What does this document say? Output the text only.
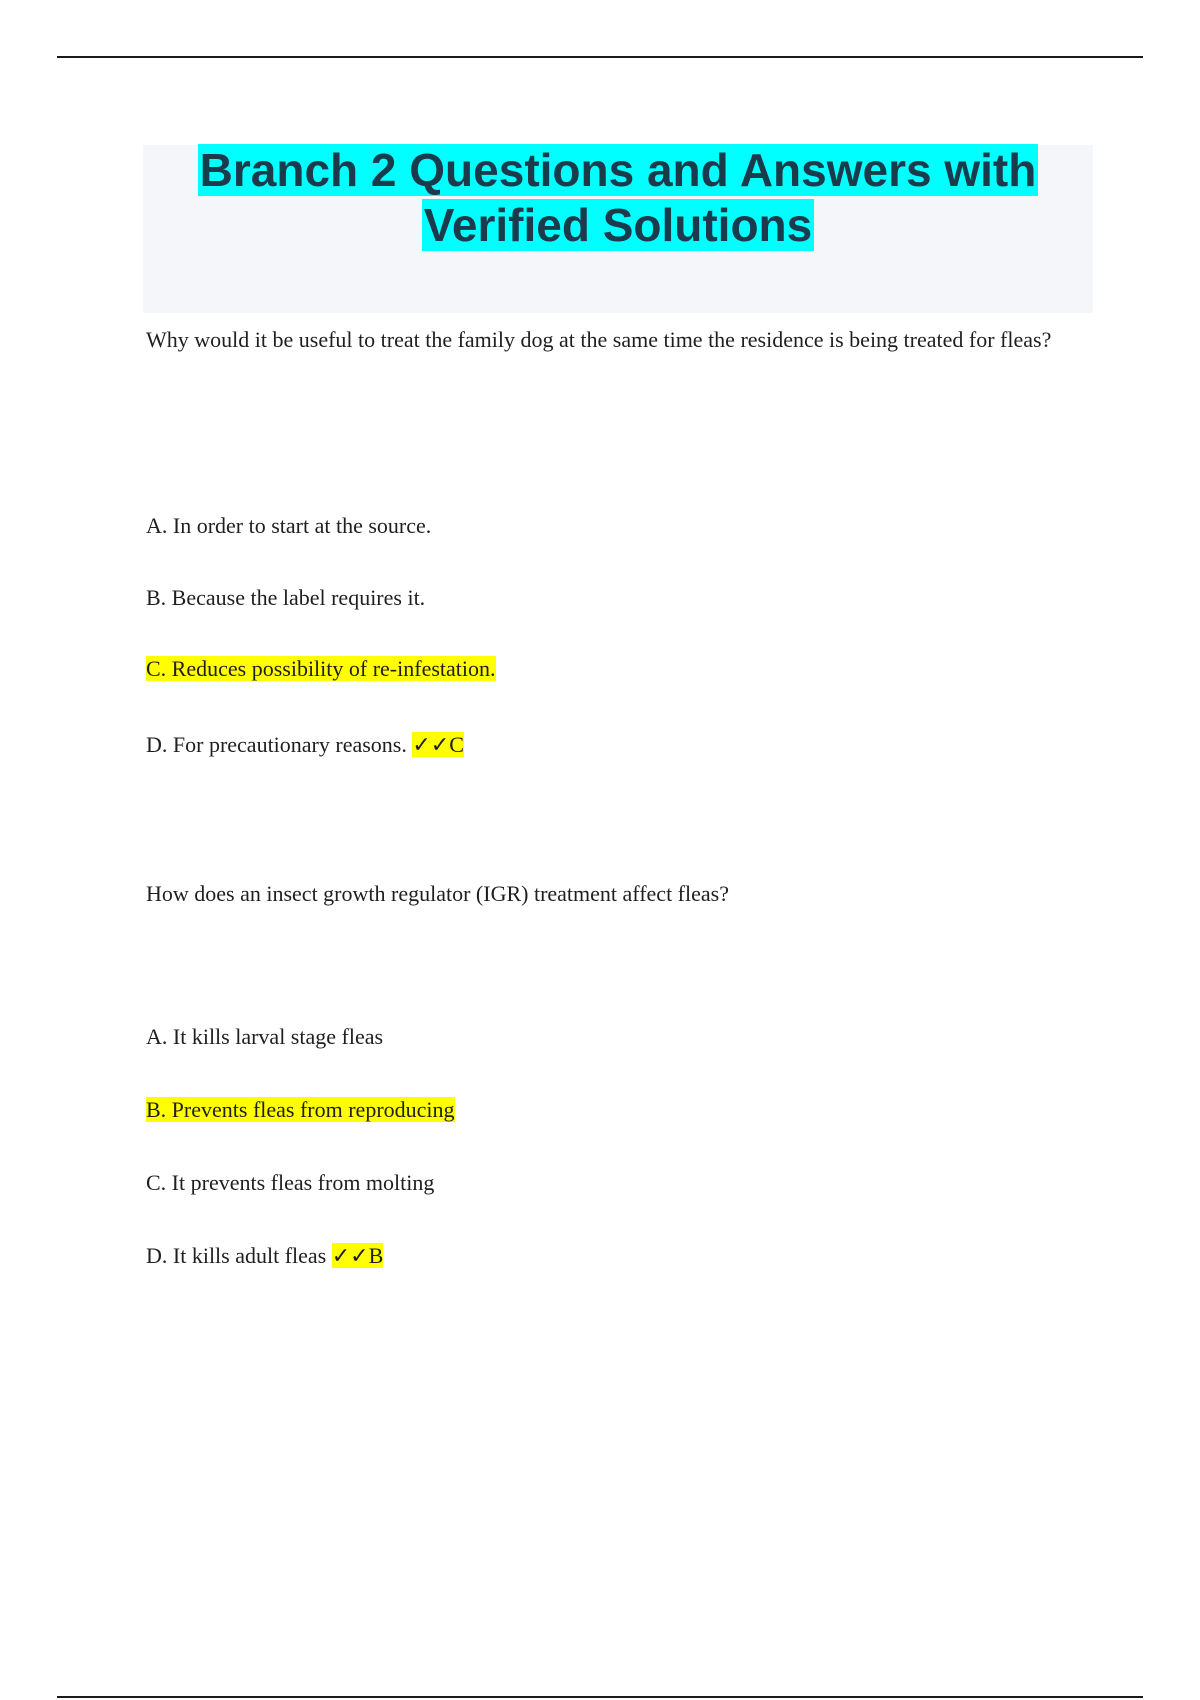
Branch 2 Questions and Answers with
Verified Solutions

Why would it be useful to treat the family dog at the same time the residence is being treated for fleas?

A. In order to start at the source.

B. Because the label requires it.

C. Reduces possibility of re-infestation.

D. For precautionary reasons. ✓✓C

How does an insect growth regulator (IGR) treatment affect fleas?

A. It kills larval stage fleas

B. Prevents fleas from reproducing

C. It prevents fleas from molting

D. It kills adult fleas ✓✓B
